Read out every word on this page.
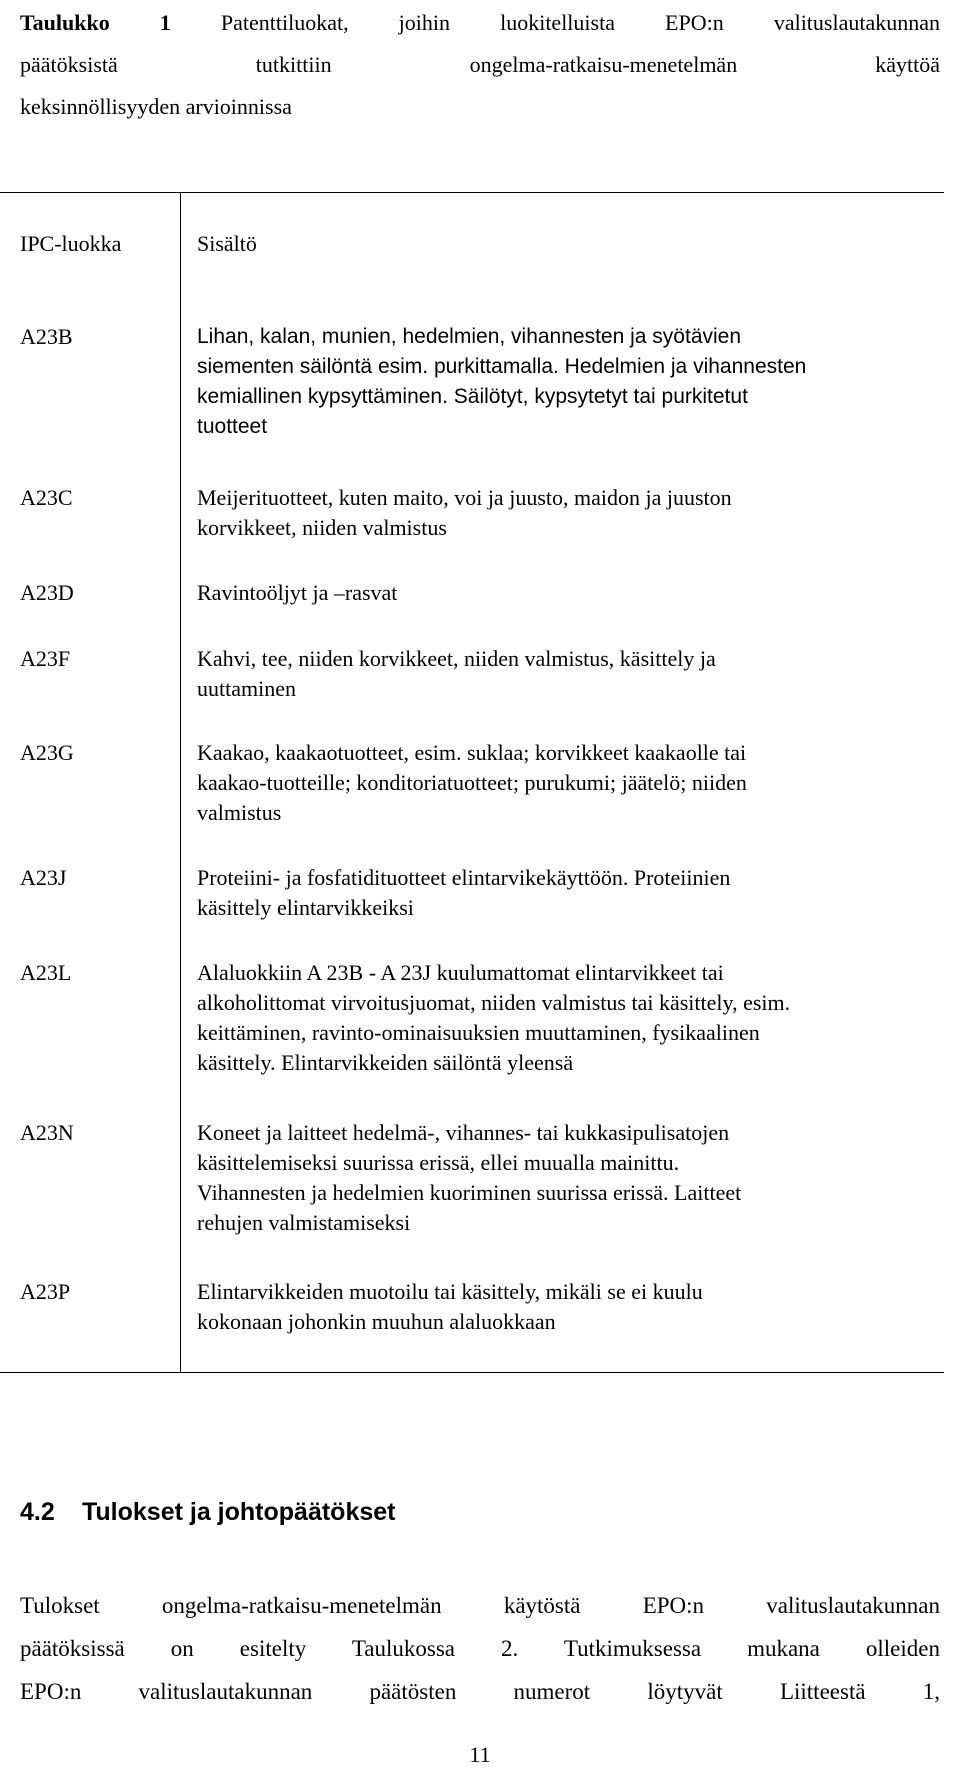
Taulukko 1 Patenttiluokat, joihin luokitelluista EPO:n valituslautakunnan

päätöksistä tutkittiin ongelma-ratkaisu-menetelmän käyttöä

keksinnöllisyyden arvioinnissa

IPC-luokka	Sisältö
A23B	Lihan, kalan, munien, hedelmien, vihannesten ja syötävien
siementen säilöntä esim. purkittamalla. Hedelmien ja vihannesten
kemiallinen kypsyttäminen. Säilötyt, kypsytetyt tai purkitetut
tuotteet
A23C	Meijerituotteet, kuten maito, voi ja juusto, maidon ja juuston
korvikkeet, niiden valmistus
A23D	Ravintoöljyt ja –rasvat
A23F	Kahvi, tee, niiden korvikkeet, niiden valmistus, käsittely ja
uuttaminen
A23G	Kaakao, kaakaotuotteet, esim. suklaa; korvikkeet kaakaolle tai
kaakao-tuotteille; konditoriatuotteet; purukumi; jäätelö; niiden
valmistus
A23J	Proteiini- ja fosfatidituotteet elintarvikekäyttöön. Proteiinien
käsittely elintarvikkeiksi
A23L	Alaluokkiin A 23B - A 23J kuulumattomat elintarvikkeet tai
alkoholittomat virvoitusjuomat, niiden valmistus tai käsittely, esim.
keittäminen, ravinto-ominaisuuksien muuttaminen, fysikaalinen
käsittely. Elintarvikkeiden säilöntä yleensä
A23N	Koneet ja laitteet hedelmä-, vihannes- tai kukkasipulisatojen
käsittelemiseksi suurissa erissä, ellei muualla mainittu.
Vihannesten ja hedelmien kuoriminen suurissa erissä. Laitteet
rehujen valmistamiseksi
A23P	Elintarvikkeiden muotoilu tai käsittely, mikäli se ei kuulu
kokonaan johonkin muuhun alaluokkaan
4.2 Tulokset ja johtopäätökset
Tulokset ongelma-ratkaisu-menetelmän käytöstä EPO:n valituslautakunnan
päätöksissä on esitelty Taulukossa 2. Tutkimuksessa mukana olleiden
EPO:n valituslautakunnan päätösten numerot löytyvät Liitteestä 1,
11
